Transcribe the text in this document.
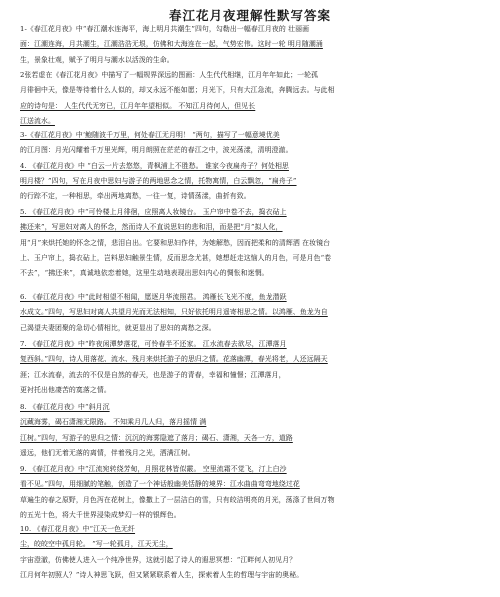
春江花月夜理解性默写答案
1-《春江花月夜》中“春江潮水连海平，海上明月共潮生”四句，勾勒出一幅春江月夜的 壮丽画
面：江潮连海，月共潮生，江潮浩浩无垠，仿佛和大海连在一起，气势宏伟。这时一轮 明月随潮涌
生，景象壮观，赋予了明月与潮水以活泼的生命。
2张若虚在《春江花月夜》中描写了一幅规界深远的图画：人生代代相继，江月年年如此；一轮孤
月徘徊中天，像是等待着什么人似的，却又永远不能如愿；月光下，只有大江急流，奔腾远去。与此相
应的诗句是： 人生代代无穷已，江月年年望相似。 不知江月待何人，但见长
江送流水。
3-《春江花月夜》中‘鮑随波千万里，何处春江无月明！ “两句，描写了一幅意境优美
的江月图：月光闪耀着千万里光辉，明月朗照在茫茫的春江之中，波光荡漾，清明澄澈。
4. 《春江花月夜》中 “白云一片去悠悠，青枫浦上不胜愁。 谁家今夜扁舟子？何处相思
明月楼？”四句，写在月夜中思妇与游子的两地思念之情，托物寓情，白云飘忽，“扁舟子”
的行踪不定，一种相思，牵出两地离愁，一往一复，诗情荡漾，曲折有致。
5. 《春江花月夜》中“可怜楼上月徘徊，应照离人妆镜台。 玉户帘中卷不去，捣衣砧上
拂还来”，写思妇对离人的怀念，然而诗人不直说思妇的悲和泪，而是把“月”拟人化，
用“月”来烘托她的怀念之情，悲泪自出。它要和思妇作伴，为她解愁，因而把柔和的清辉洒 在妆镜台
上、玉户帘上，捣衣砧上，岂料思妇触景生情，反而思念尤甚，她想赶走这恼人的月色，可是月色“卷
不去”，“拂还来”，真诚地依恋着她，这里生动地表现出思妇内心的惆怅和迷惘。
6. 《春江花月夜》中“此时相望不相闻，愿逐月华流照君。 鸿雁长飞光不度，鱼龙潜跃
水成文。”四句，写思妇对离人共望月光而无法相知，只好依托明月遥寄相思之情。以鸿雁、鱼龙为自
己渴望夫妻团聚的急切心情相比，就更显出了思妇的离愁之深。
7. 《春江花月夜》中“昨夜闲潭梦落花，可怜春半不还家。 江水流春去欲尽，江潭落月
复西斜。”四句，诗人用落花、流水、残月来烘托游子的思归之情。花落幽潭，春光将老，人还远隔天
涯；江水流春，流去的不仅是自然的春天，也是游子的青春，幸福和憧憬；江潭落月，
更衬托出他凄苦的寞落之情。
8. 《春江花月夜》中“斜月沉
沉藏海雾，碣石潇湘无限路。 不知乘月几人归，落月摇情 满
江树。”四句，写游子的思归之情：沉沉的海雾隐遮了落月；碣石、潇湘，天各一方，道路
遥远，他们无着无落的离情，伴着残月之光，洒满江树。
9. 《春江花月夜》中“江流宛转绕芳甸，月照花林皆似霰。 空里流霜不觉飞，汀上白沙
看不见。”四句，用细腻的笔触，创造了一个神话般幽美恬静的境界：江水曲曲弯弯地绕过花
草遍生的春之原野，月色泻在花树上，像撒上了一层洁白的雪，只有皎洁明亮的月光，荡涤了世间万物
的五光十色，将大千世界浸染成梦幻一样的银辉色。
10. 《春江花月夜》中“江天一色无纤
尘，皎皎空中孤月轮。 ”写一轮孤月，江天无尘，
宇宙澄澈，仿佛使人进入一个纯净世界，这就引起了诗人的遐思冥想：“江畔何人初见月？
江月何年初照人？”诗人神思飞跃，但又紧紧联系着人生，探索着人生的哲理与宇宙的奥秘。
